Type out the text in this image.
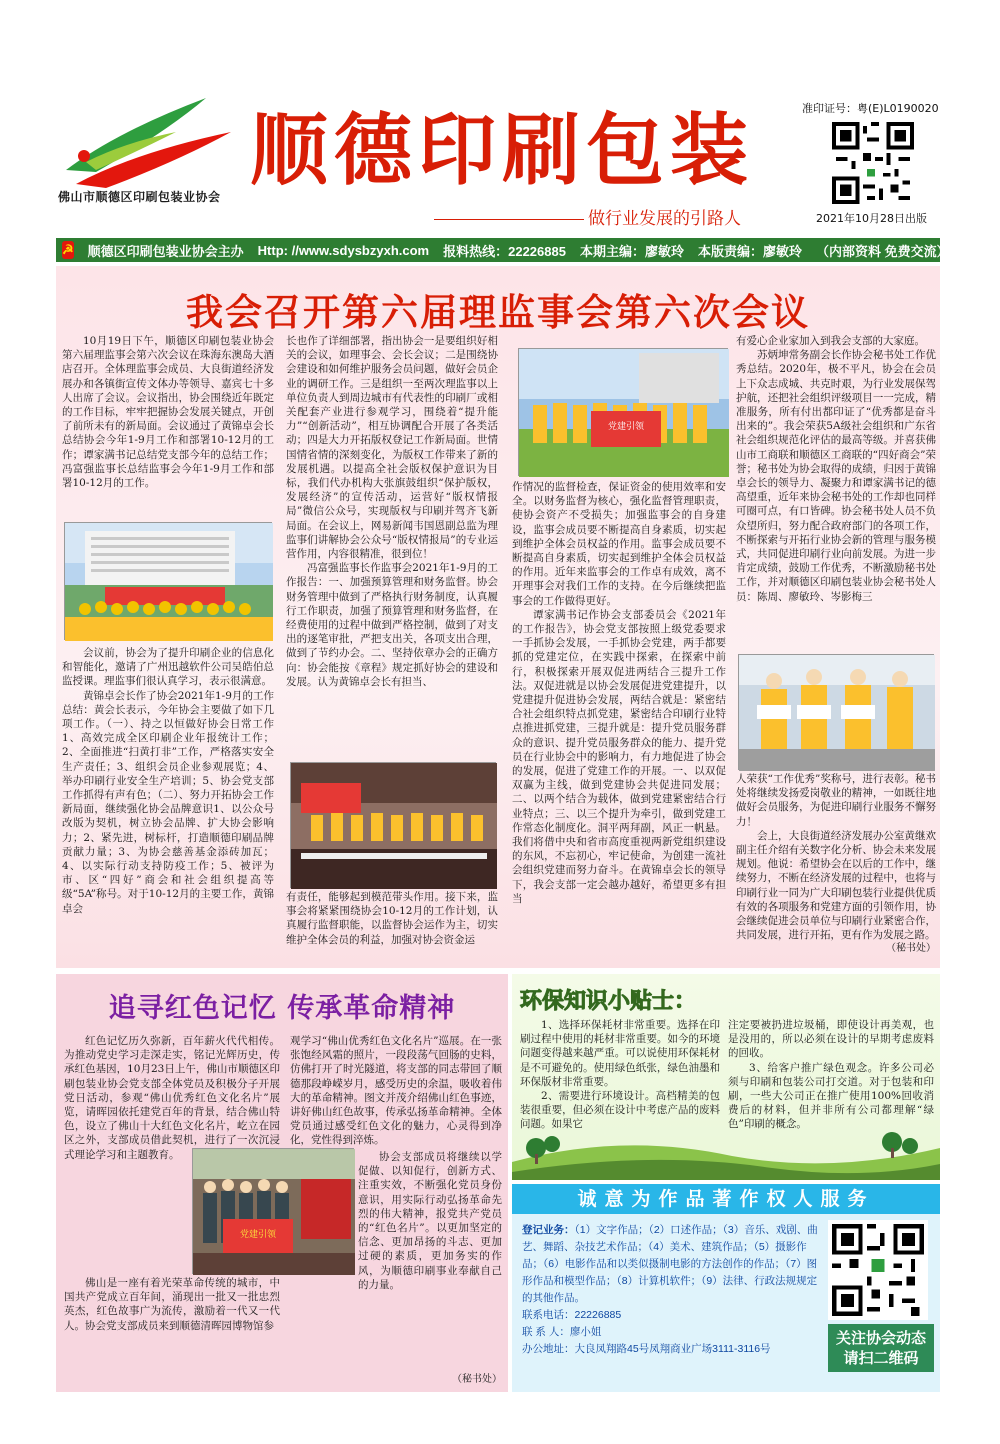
佛山市顺德区印刷包装业协会
顺德印刷包装
做行业发展的引路人
准印证号：粤(E)L0190020
2021年10月28日出版
☭ 顺德区印刷包装业协会主办 Http: //www.sdysbzyxh.com 报料热线：22226885 本期主编：廖敏玲 本版责编：廖敏玲 （内部资料 免费交流）
我会召开第六届理监事会第六次会议

10月19日下午，顺德区印刷包装业协会第六届理监事会第六次会议在珠海东澳岛大酒店召开。全体理监事会成员、大良街道经济发展办和各镇街宣传文体办等领导、嘉宾七十多人出席了会议。会议指出，协会围绕近年既定的工作目标，牢牢把握协会发展关键点，开创了前所未有的新局面。会议通过了黄锦卓会长总结协会今年1-9月工作和部署10-12月的工作；谭家满书记总结党支部今年的总结工作；冯富强监事长总结监事会今年1-9月工作和部署10-12月的工作。

会议前，协会为了提升印刷企业的信息化和智能化，邀请了广州迅越软件公司吴皓伯总监授课。理监事们很认真学习，表示很满意。

黄锦卓会长作了协会2021年1-9月的工作总结：黄会长表示，今年协会主要做了如下几项工作。（一）、持之以恒做好协会日常工作1、高效完成全区印刷企业年报统计工作；2、全面推进“扫黄打非”工作，严格落实安全生产责任；3、组织会员企业参观展览；4、举办印刷行业安全生产培训；5、协会党支部工作抓得有声有色；（二）、努力开拓协会工作新局面，继续强化协会品牌意识1、以公众号改版为契机，树立协会品牌、扩大协会影响力；2、紧先进，树标杆，打造顺德印刷品牌贡献力量；3、为协会慈善基金添砖加瓦；4、以实际行动支持防疫工作；5、被评为市、区“四好”商会和社会组织提高等级“5A”称号。对于10-12月的主要工作，黄锦卓会

长也作了详细部署，指出协会一是要组织好相关的会议，如理事会、会长会议；二是围绕协会建设和如何维护服务会员问题，做好会员企业的调研工作。三是组织一至两次理监事以上单位负责人到周边城市有代表性的印刷厂或相关配套产业进行参观学习，围绕着“提升能力”“创新活动”，相互协调配合开展了各类活动；四是大力开拓版权登记工作新局面。世情国情省情的深刻变化，为版权工作带来了新的发展机遇。以提高全社会版权保护意识为目标，我们代办机构大张旗鼓组织“保护版权，发展经济”的宣传活动，运营好“版权情报局”微信公众号，实现版权与印刷并驾齐飞新局面。在会议上，网易新闻韦国恩副总监为理监事们讲解协会公众号“版权情报局”的专业运营作用，内容很精准，很到位！

冯富强监事长作监事会2021年1-9月的工作报告：一、加强预算管理和财务监督。协会财务管理中做到了严格执行财务制度，认真履行工作职责，加强了预算管理和财务监督，在经费使用的过程中做到严格控制，做到了对支出的逐笔审批，严把支出关，各项支出合理，做到了节约办会。二、坚持依章办会的正确方向：协会能按《章程》规定抓好协会的建设和发展。认为黄锦卓会长有担当、

有责任，能够起到模范带头作用。接下来，监事会将紧紧围绕协会10-12月的工作计划，认真履行监督职能，以监督协会运作为主，切实维护全体会员的利益，加强对协会资金运

党建引领

作情况的监督检查，保证资金的使用效率和安全。以财务监督为核心，强化监督管理职责，使协会资产不受损失；加强监事会的自身建设，监事会成员要不断提高自身素质，切实起到维护全体会员权益的作用。监事会成员要不断提高自身素质，切实起到维护全体会员权益的作用。近年来监事会的工作卓有成效，离不开理事会对我们工作的支持。在今后继续把监事会的工作做得更好。

谭家满书记作协会支部委员会《2021年的工作报告》，协会党支部按照上级党委要求一手抓协会发展，一手抓协会党建，两手都要抓的党建定位，在实践中探索，在探索中前行，积极探索开展双促进两结合三提升工作法。双促进就是以协会发展促进党建提升，以党建提升促进协会发展，两结合就是：紧密结合社会组织特点抓党建，紧密结合印刷行业特点推进抓党建，三提升就是：提升党员服务群众的意识、提升党员服务群众的能力、提升党员在行业协会中的影响力，有力地促进了协会的发展，促进了党建工作的开展。一、以双促双赢为主线，做到党建协会共促进同发展；二、以两个结合为载体，做到党建紧密结合行业特点；三、以三个提升为牵引，做到党建工作常态化制度化。洞平两拜副，风正一帆悬。我们将借中央和省市高度重视两新党组织建设的东风，不忘初心，牢记使命，为创建一流社会组织党建而努力奋斗。在黄锦卓会长的领导下，我会支部一定会越办越好，希望更多有担当

有爱心企业家加入到我会支部的大家庭。

苏炳坤常务副会长作协会秘书处工作优秀总结。2020年，极不平凡，协会在会员上下众志成城、共克时艰，为行业发展保驾护航，还把社会组织评级项目一一完成，精准服务，所有付出都印证了“优秀都是奋斗出来的”。我会荣获5A级社会组织和广东省社会组织规范化评估的最高等级。并喜获佛山市工商联和顺德区工商联的“四好商会”荣誉；秘书处为协会取得的成绩，归因于黄锦卓会长的领导力、凝聚力和谭家满书记的德高望重，近年来协会秘书处的工作却也同样可圈可点，有口皆碑。协会秘书处人员不负众望所归，努力配合政府部门的各项工作，不断探索与开拓行业协会新的管理与服务模式，共同促进印刷行业向前发展。为进一步肯定成绩，鼓励工作优秀，不断激励秘书处工作，并对顺德区印刷包装业协会秘书处人员：陈周、廖敏玲、岑影梅三

人荣获“工作优秀”奖称号，进行表彰。秘书处将继续发扬爱岗敬业的精神，一如既往地做好会员服务，为促进印刷行业服务不懈努力！

会上，大良街道经济发展办公室黄继欢副主任介绍有关数字化分析、协会未来发展规划。他说：希望协会在以后的工作中，继续努力，不断在经济发展的过程中，也将与印刷行业一同为广大印刷包装行业提供优质有效的各项服务和党建方面的引领作用，协会继续促进会员单位与印刷行业紧密合作，共同发展，进行开拓，更有作为发展之路。

（秘书处）
追寻红色记忆 传承革命精神

红色记忆历久弥新，百年薪火代代相传。为推动党史学习走深走实，铭记光辉历史，传承红色基因，10月23日上午，佛山市顺德区印刷包装业协会党支部全体党员及积极分子开展党日活动，参观“佛山优秀红色文化名片”展览，请晖园依托建党百年的背景，结合佛山特色，设立了佛山十大红色文化名片，屹立在园区之外，支部成员借此契机，进行了一次沉浸式理论学习和主题教育。

党建引领

佛山是一座有着光荣革命传统的城市，中国共产党成立百年间，涌现出一批又一批忠烈英杰，红色故事广为流传，激励着一代又一代人。协会党支部成员来到顺德清晖园博物馆参

观学习“佛山优秀红色文化名片”巡展。在一张张饱经风霜的照片，一段段荡气回肠的史料，仿佛打开了时光隧道，将支部的同志带回了顺德那段峥嵘岁月，感受历史的余温，吸收着伟大的革命精神。图文并茂介绍佛山红色事迹，讲好佛山红色故事，传承弘扬革命精神。全体党员通过感受红色文化的魅力，心灵得到净化，党性得到淬炼。

协会支部成员将继续以学促做、以知促行，创新方式、注重实效，不断强化党员身份意识，用实际行动弘扬革命先烈的伟大精神，报党共产党员的“红色名片”。以更加坚定的信念、更加昂扬的斗志、更加过硬的素质，更加务实的作风，为顺德印刷事业奉献自己的力量。

（秘书处）
环保知识小贴士：

1、选择环保耗材非常重要。选择在印刷过程中使用的耗材非常重要。如今的环境问题变得越来越严重。可以说使用环保耗材是不可避免的。使用绿色纸张，绿色油墨和环保版材非常重要。

2、需要进行环境设计。高档精美的包装很重要，但必须在设计中考虑产品的废料问题。如果它

注定要被扔进垃圾桶，即使设计再美观，也是没用的，所以必须在设计的早期考虑废料的回收。

3、给客户推广绿色观念。许多公司必须与印刷和包装公司打交道。对于包装和印刷，一些大公司正在推广使用100%回收消费后的材料，但并非所有公司都理解“绿色”印刷的概念。

诚意为作品著作权人服务
登记业务：（1）文字作品；（2）口述作品；（3）音乐、戏剧、曲艺、舞蹈、杂技艺术作品；（4）美术、建筑作品；（5）摄影作品；（6）电影作品和以类似摄制电影的方法创作的作品；（7）图形作品和模型作品；（8）计算机软件；（9）法律、行政法规规定的其他作品。
联系电话：22226885
联 系 人：廖小姐
办公地址：大良凤翔路45号凤翔商业广场3111-3116号
关注协会动态 请扫二维码
